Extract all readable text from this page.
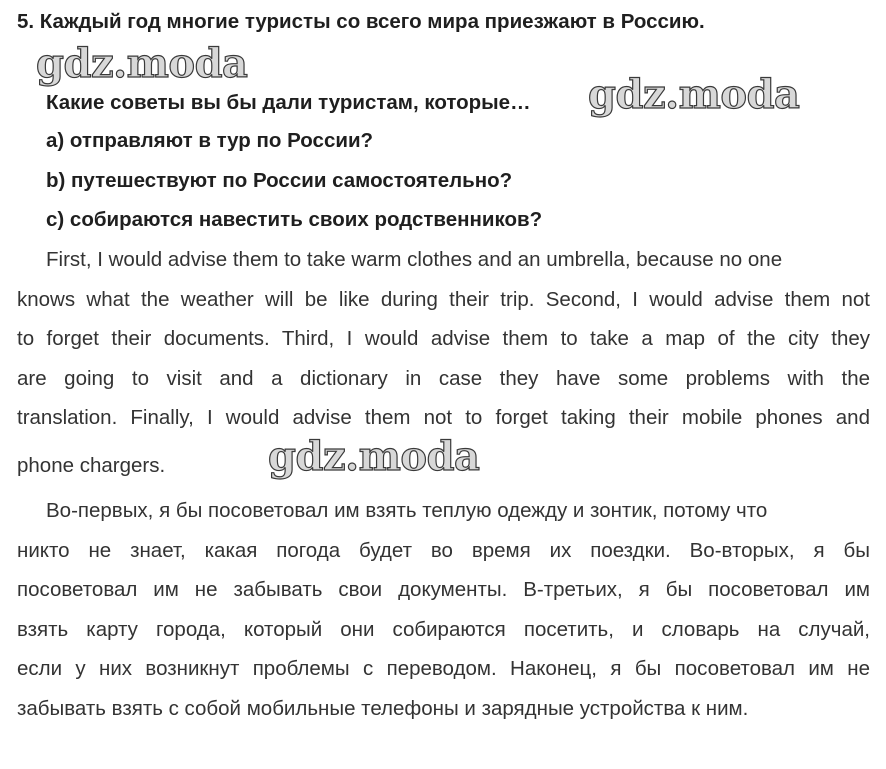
5. Каждый год многие туристы со всего мира приезжают в Россию.
Какие советы вы бы дали туристам, которые…
а) отправляют в тур по России?
b) путешествуют по России самостоятельно?
c) собираются навестить своих родственников?
First, I would advise them to take warm clothes and an umbrella, because no one
knows what the weather will be like during their trip. Second, I would advise them not
to forget their documents. Third, I would advise them to take a map of the city they
are going to visit and a dictionary in case they have some problems with the
translation. Finally, I would advise them not to forget taking their mobile phones and
phone chargers.
Во-первых, я бы посоветовал им взять теплую одежду и зонтик, потому что
никто не знает, какая погода будет во время их поездки. Во-вторых, я бы
посоветовал им не забывать свои документы. В-третьих, я бы посоветовал им
взять карту города, который они собираются посетить, и словарь на случай,
если у них возникнут проблемы с переводом. Наконец, я бы посоветовал им не
забывать взять с собой мобильные телефоны и зарядные устройства к ним.
gdz.moda
gdz.moda
gdz.moda
